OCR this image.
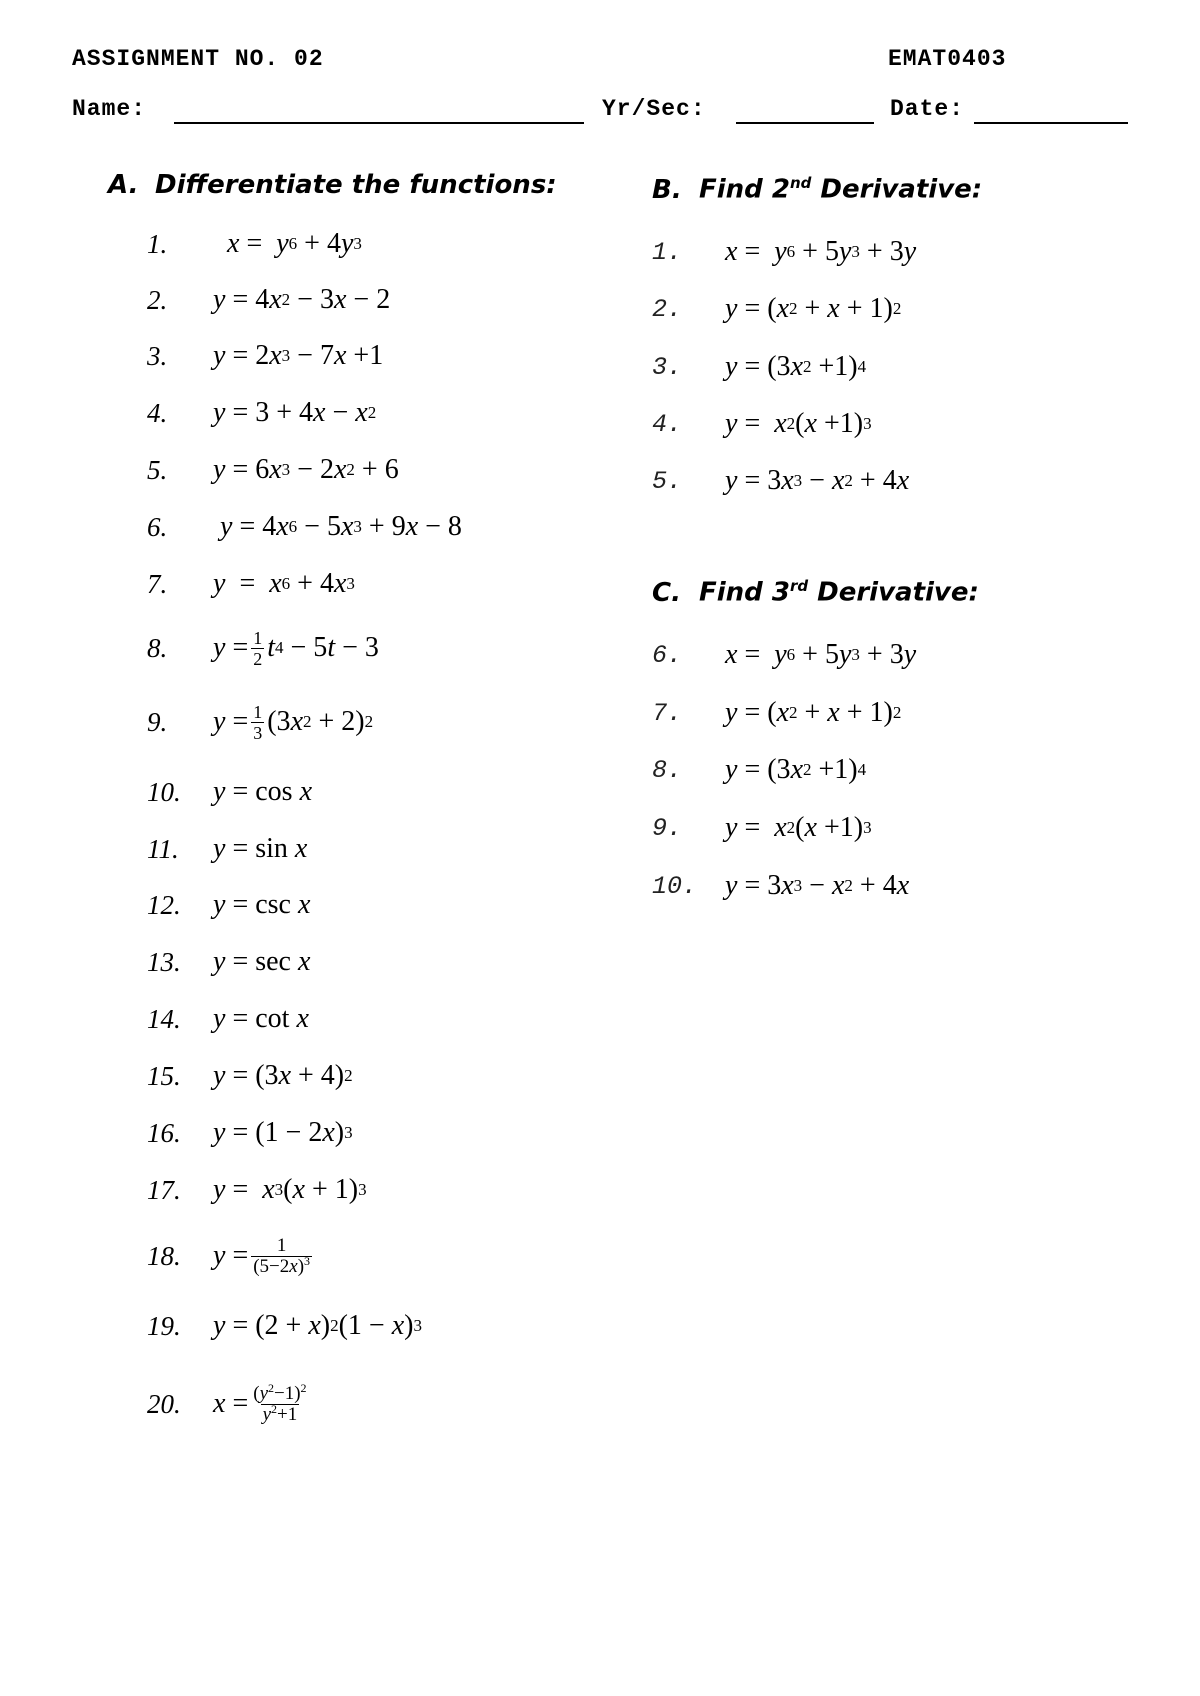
ASSIGNMENT NO. 02	EMAT0403
Name:	Yr/Sec:	Date:
A. Differentiate the functions:
1.
	x = y 6 + 4 y 3
2.	y = 4 x 2 − 3 x − 2
3.	y = 2 x 3 − 7 x +1
4.	y = 3 + 4 x − x 2
5.	y = 6 x 3 − 2 x 2 + 6
6.
	y = 4 x 6 − 5 x 3 + 9 x − 8
7.	y = x 6 + 4 x 3
8.	$y = \frac{1}{2}$ t 4 − 5 t − 3
9.	$y = \frac{1}{3} (3$ x 2 + 2) 2
10.	y = cos x
11.	y = sin x
12.	y = csc x
13.	y = sec x
14.	y = cot x
15.	y = (3 x + 4) 2
16.	y = (1 − 2 x ) 3
17.	y = x 3 ( x + 1) 3
18.	$y = \frac{1}{(5-2x)^3}$
19.	y = (2 + x ) 2 (1 − x ) 3
20.	$x = \frac{(y^2-1)^2}{y^2+1}$
B. Find 2nd Derivative:
1.	x = y 6 + 5 y 3 + 3 y
2.	y = ( x 2 + x + 1) 2
3.	y = (3 x 2 +1) 4
4.	y = x 2 ( x +1) 3
5.	y = 3 x 3 − x 2 + 4 x
C. Find 3rd Derivative:
6.	x = y 6 + 5 y 3 + 3 y
7.	y = ( x 2 + x + 1) 2
8.	y = (3 x 2 +1) 4
9.	y = x 2 ( x +1) 3
10. y = 3 x 3 − x 2 + 4 x
